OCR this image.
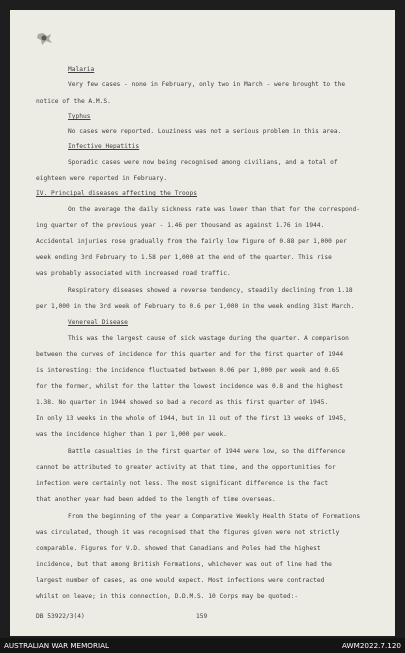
Malaria
Very few cases - none in February, only two in March - were brought to the
notice of the A.M.S.
Typhus
No cases were reported. Louziness was not a serious problem in this area.
Infective Hepatitis
Sporadic cases were now being recognised among civilians, and a total of
eighteen were reported in February.
IV. Principal diseases affecting the Troops
On the average the daily sickness rate was lower than that for the correspond-
ing quarter of the previous year - 1.46 per thousand as against 1.76 in 1944.
Accidental injuries rose gradually from the fairly low figure of 0.88 per 1,000 per
week ending 3rd February to 1.58 per 1,000 at the end of the quarter. This rise
was probably associated with increased road traffic.
Respiratory diseases showed a reverse tendency, steadily declining from 1.18
per 1,000 in the 3rd week of February to 0.6 per 1,000 in the week ending 31st March.
Venereal Disease
This was the largest cause of sick wastage during the quarter. A comparison
between the curves of incidence for this quarter and for the first quarter of 1944
is interesting: the incidence fluctuated between 0.06 per 1,000 per week and 0.65
for the former, whilst for the latter the lowest incidence was 0.8 and the highest
1.38. No quarter in 1944 showed so bad a record as this first quarter of 1945.
In only 13 weeks in the whole of 1944, but in 11 out of the first 13 weeks of 1945,
was the incidence higher than 1 per 1,000 per week.
Battle casualties in the first quarter of 1944 were low, so the difference
cannot be attributed to greater activity at that time, and the opportunities for
infection were certainly not less. The most significant difference is the fact
that another year had been added to the length of time overseas.
From the beginning of the year a Comparative Weekly Health State of Formations
was circulated, though it was recognised that the figures given were not strictly
comparable. Figures for V.D. showed that Canadians and Poles had the highest
incidence, but that among British Formations, whichever was out of line had the
largest number of cases, as one would expect. Most infections were contracted
whilst on leave; in this connection, D.D.M.S. 10 Corps may be quoted:-
DB 53922/3(4)	159
AUSTRALIAN WAR MEMORIAL	AWM2022.7.120
